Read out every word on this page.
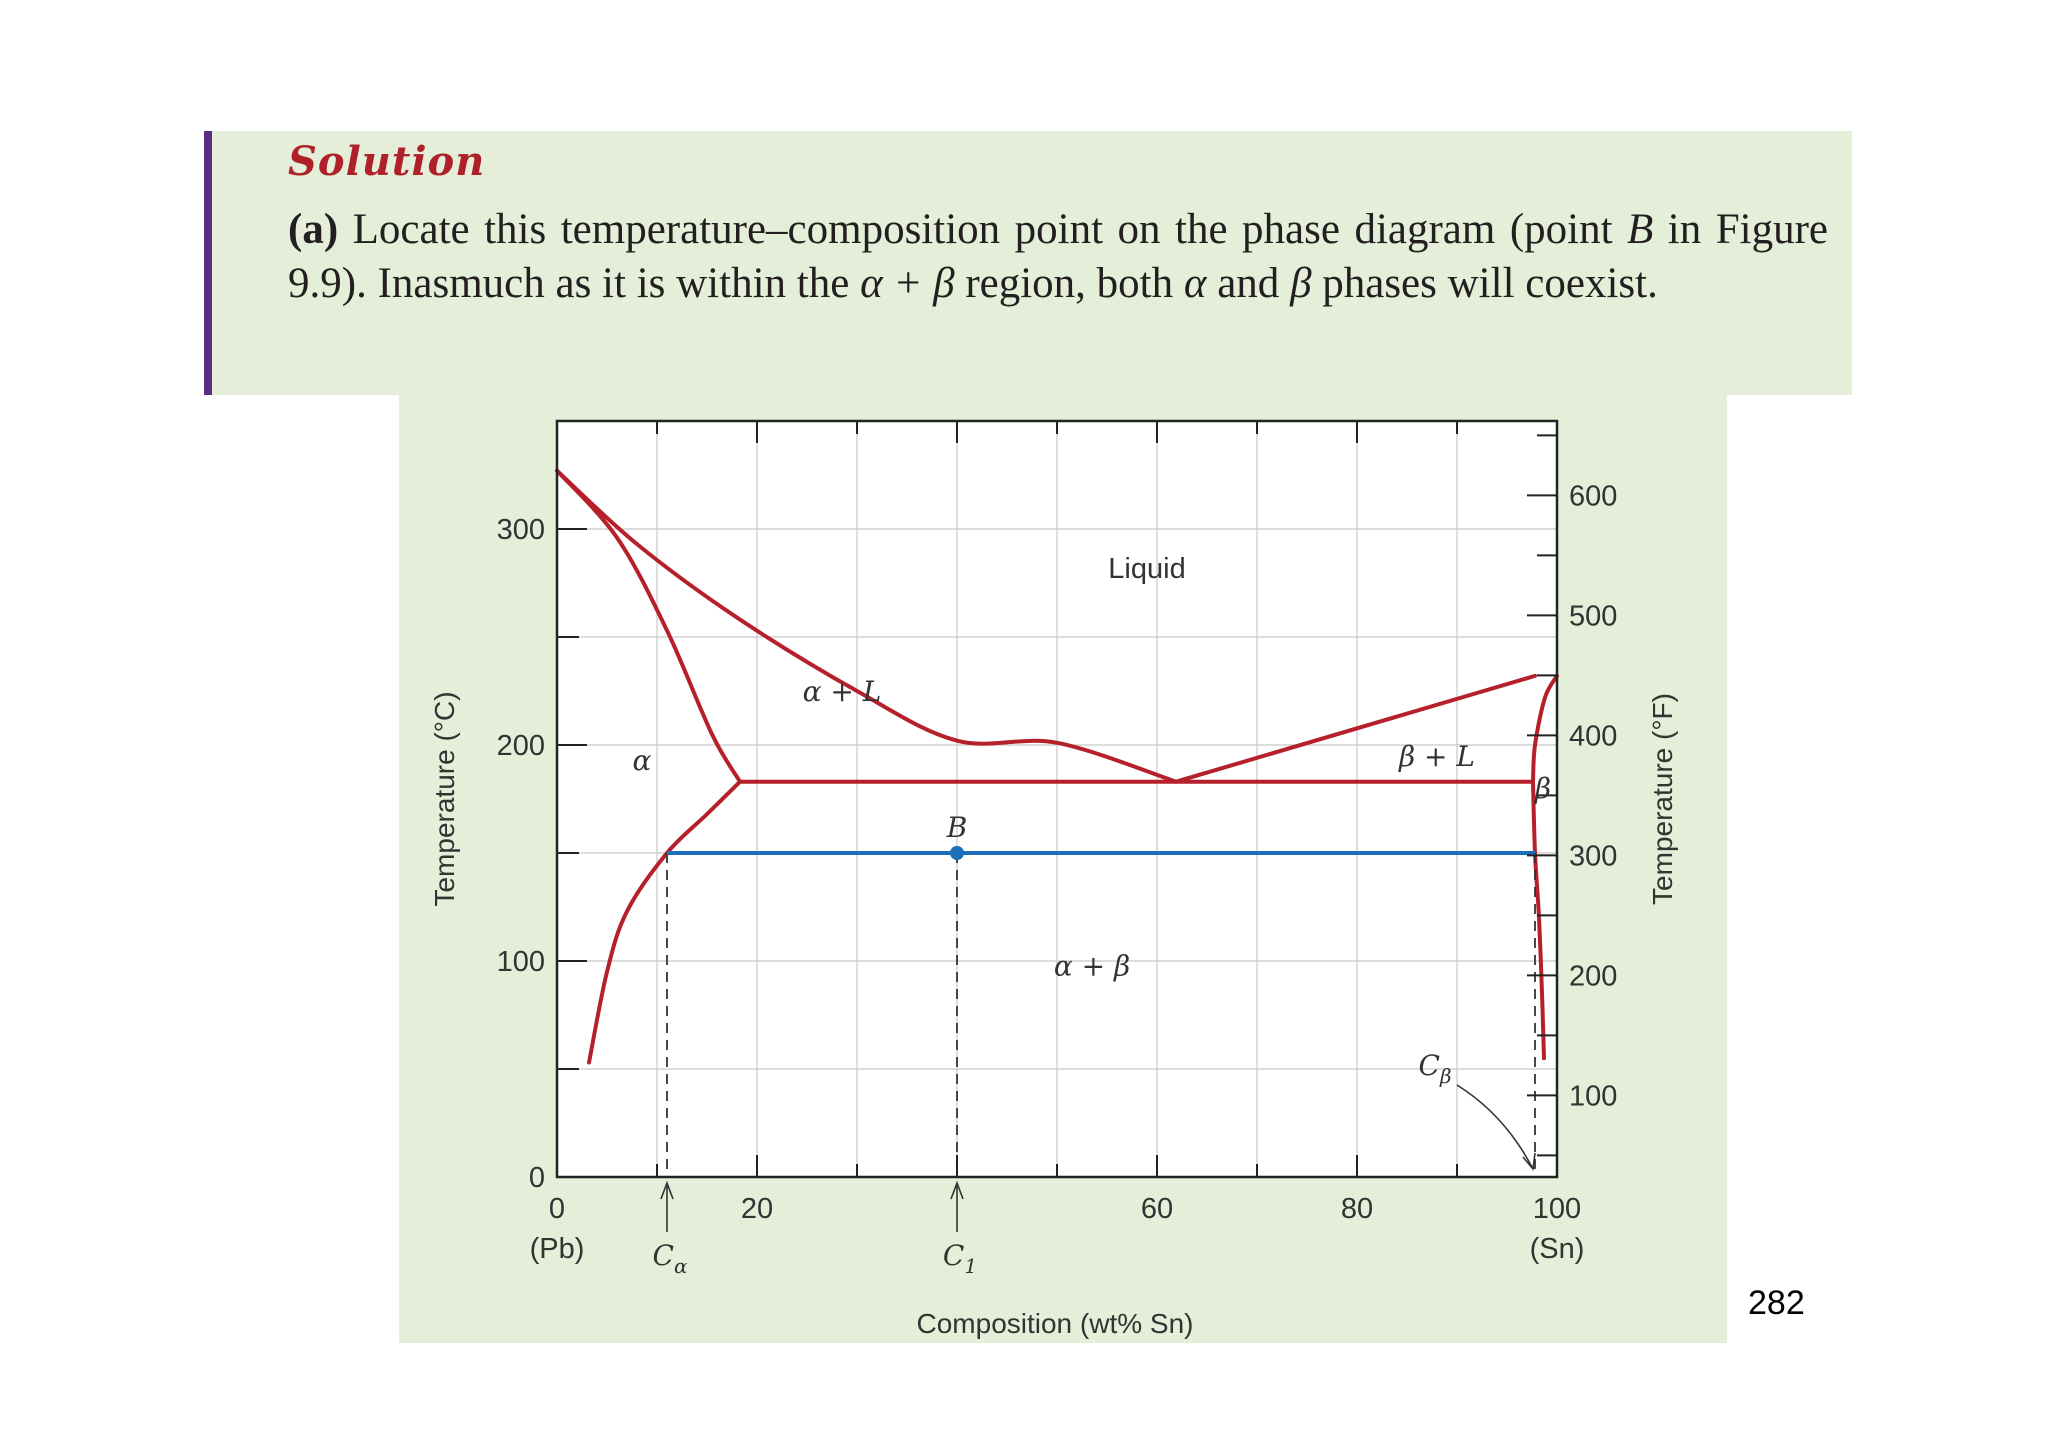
Solution

(a) Locate this temperature–composition point on the phase diagram (point B in Figure 9.9). Inasmuch as it is within the α + β region, both α and β phases will coexist.

0	20	60	80	100
(Pb)	(Sn)
Composition (wt% Sn)
0
100
200
300
100
200
300
400
500
600
Temperature (°C)	Temperature (°F)
Liquid
α + L
α	β + L
β
α + β
B
$C_\alpha$	$C_1$
$C_\beta$

282
